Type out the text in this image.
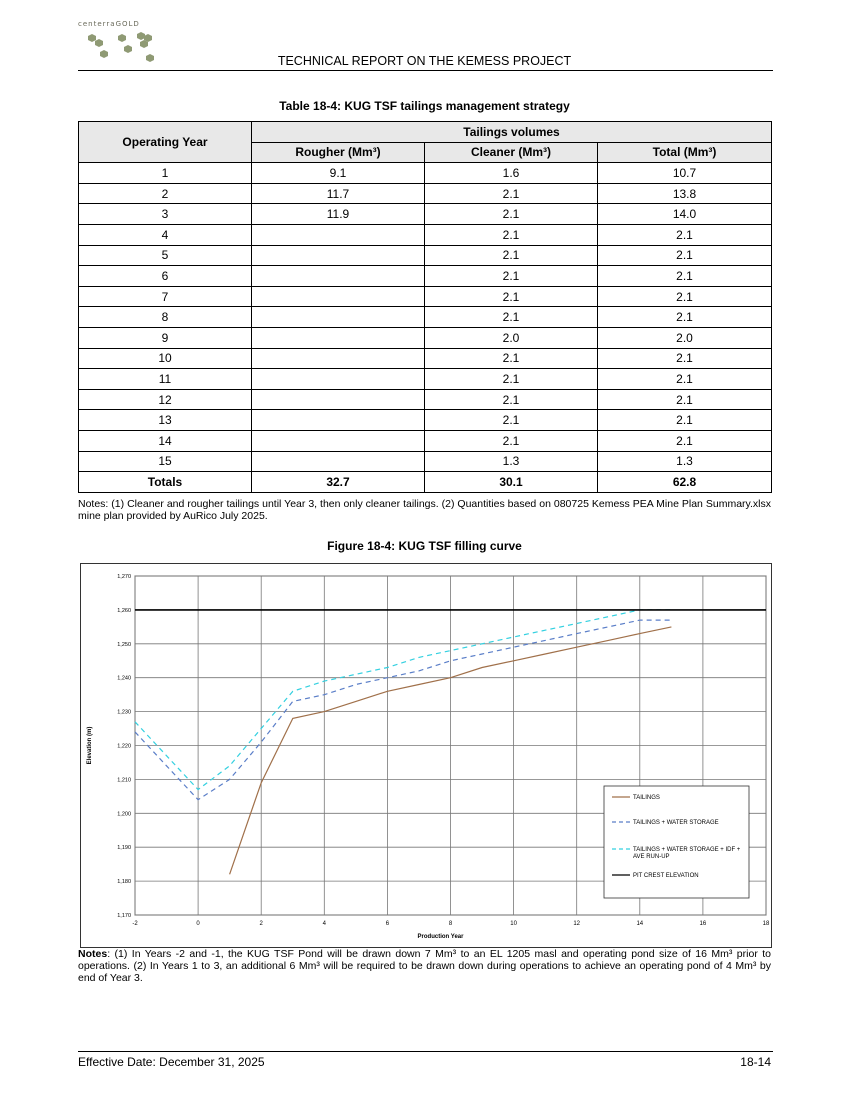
centerraGOLD
TECHNICAL REPORT ON THE KEMESS PROJECT
Table 18-4: KUG TSF tailings management strategy
Operating Year	Tailings volumes		
	Rougher (Mm³)	Cleaner (Mm³)	Total (Mm³)
1	9.1	1.6	10.7
2	11.7	2.1	13.8
3	11.9	2.1	14.0
4		2.1	2.1
5		2.1	2.1
6		2.1	2.1
7		2.1	2.1
8		2.1	2.1
9		2.0	2.0
10		2.1	2.1
11		2.1	2.1
12		2.1	2.1
13		2.1	2.1
14		2.1	2.1
15		1.3	1.3
Totals	32.7	30.1	62.8
Notes: (1) Cleaner and rougher tailings until Year 3, then only cleaner tailings. (2) Quantities based on 080725 Kemess PEA Mine Plan Summary.xlsx mine plan provided by AuRico July 2025.
Figure 18-4: KUG TSF filling curve
-2	0	2	4	6	8	10	12	14	16	18
1,170
1,180
1,190
1,200
1,210
1,220
1,230
1,240
1,250
1,260
1,270
Production Year
Elevation (m)
TAILINGS
TAILINGS + WATER STORAGE
TAILINGS + WATER STORAGE + IDF + AVE RUN-UP
PIT CREST ELEVATION
Notes: (1) In Years -2 and -1, the KUG TSF Pond will be drawn down 7 Mm³ to an EL 1205 masl and operating pond size of 16 Mm³ prior to operations. (2) In Years 1 to 3, an additional 6 Mm³ will be required to be drawn down during operations to achieve an operating pond of 4 Mm³ by end of Year 3.
Effective Date: December 31, 2025	18-14
